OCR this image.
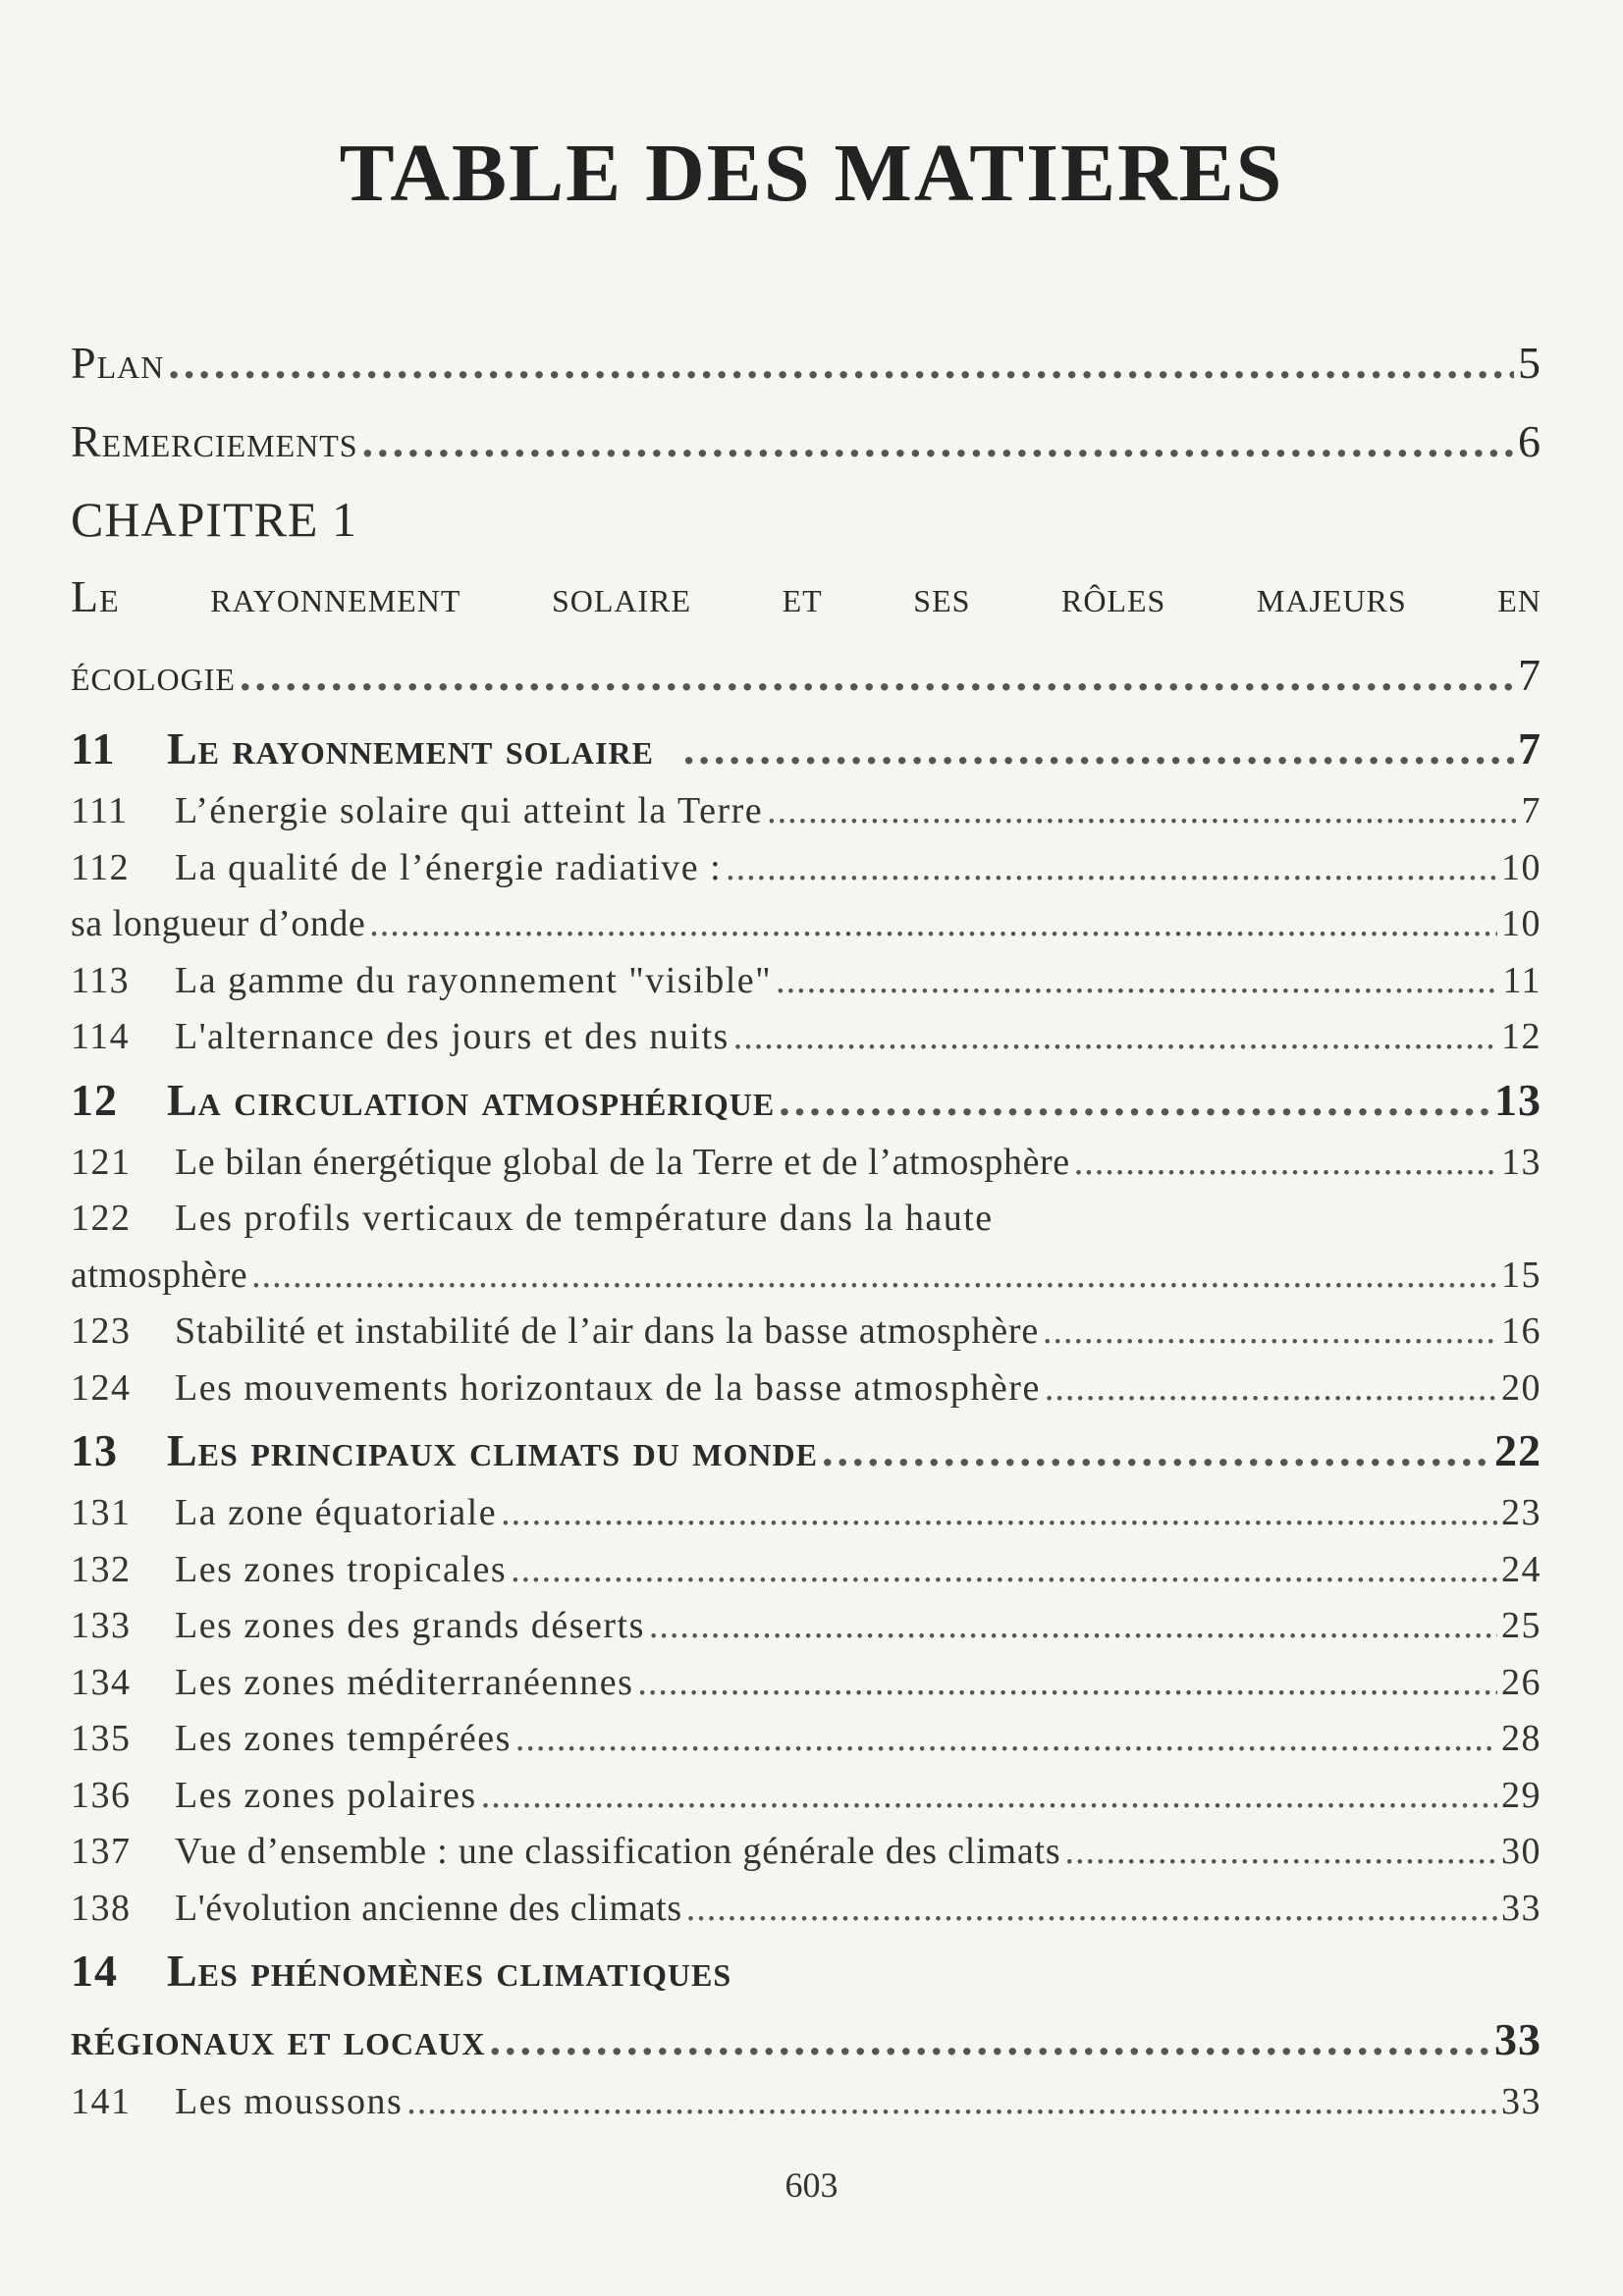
TABLE DES MATIERES
Plan .....	5
Remerciements .....	6
CHAPITRE 1
Le rayonnement solaire et ses rôles majeurs en
écologie .....	7
11 Le rayonnement solaire .....	7
111 L’énergie solaire qui atteint la Terre .....	7
112 La qualité de l’énergie radiative : .....	10
sa longueur d’onde .....	10
113 La gamme du rayonnement "visible" .....	11
114 L'alternance des jours et des nuits .....	12
12 La circulation atmosphérique .....	13
121 Le bilan énergétique global de la Terre et de l’atmosphère .....	13
122 Les profils verticaux de température dans la haute
atmosphère .....	15
123 Stabilité et instabilité de l’air dans la basse atmosphère .....	16
124 Les mouvements horizontaux de la basse atmosphère .....	20
13 Les principaux climats du monde .....	22
131 La zone équatoriale .....	23
132 Les zones tropicales .....	24
133 Les zones des grands déserts .....	25
134 Les zones méditerranéennes .....	26
135 Les zones tempérées .....	28
136 Les zones polaires .....	29
137 Vue d’ensemble : une classification générale des climats .....	30
138 L'évolution ancienne des climats .....	33
14 Les phénomènes climatiques
régionaux et locaux .....	33
141 Les moussons .....	33
603
